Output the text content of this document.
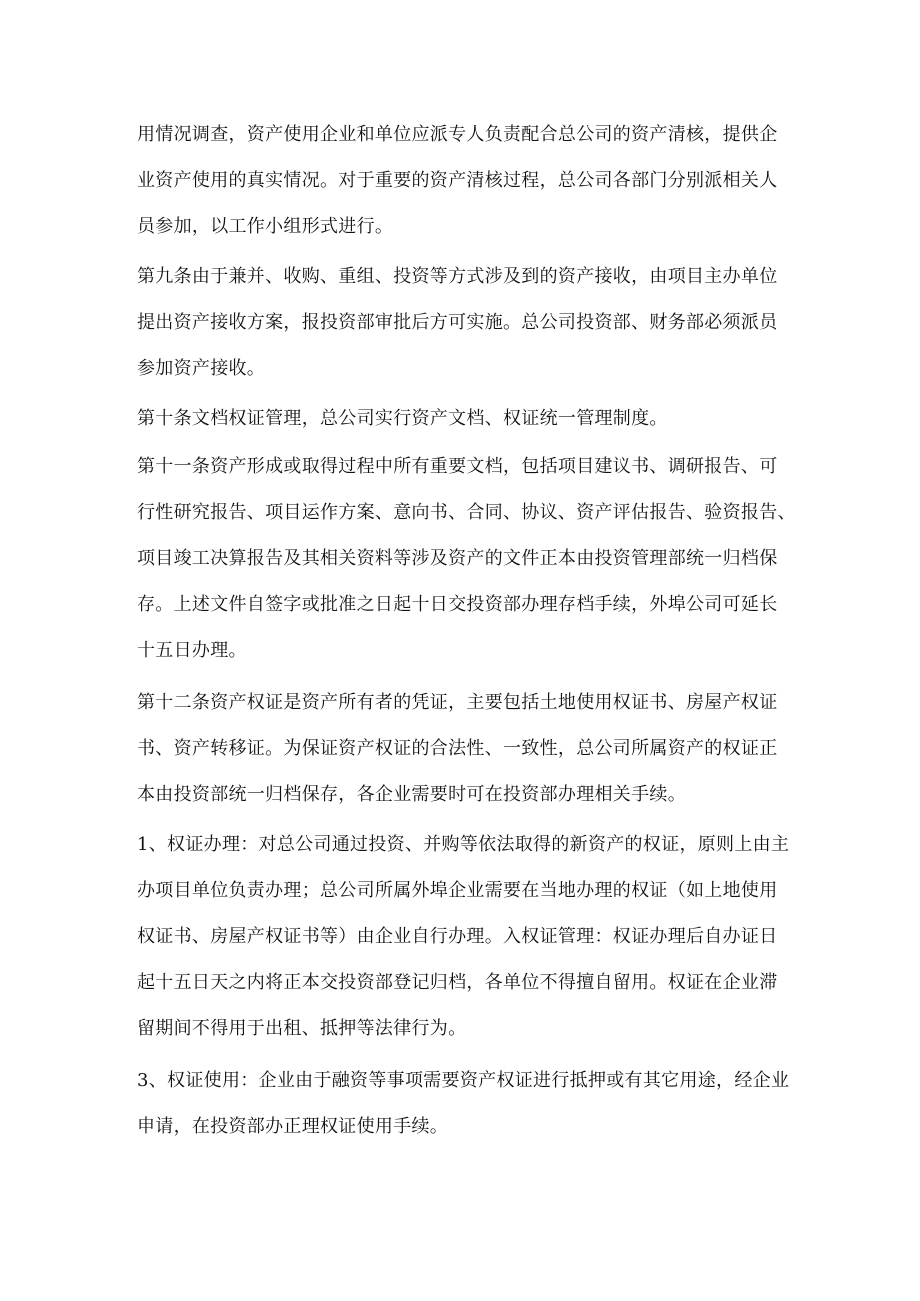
用情况调查，资产使用企业和单位应派专人负责配合总公司的资产清核，提供企
业资产使用的真实情况。对于重要的资产清核过程，总公司各部门分别派相关人
员参加，以工作小组形式进行。
第九条由于兼并、收购、重组、投资等方式涉及到的资产接收，由项目主办单位
提出资产接收方案，报投资部审批后方可实施。总公司投资部、财务部必须派员
参加资产接收。
第十条文档权证管理，总公司实行资产文档、权证统一管理制度。
第十一条资产形成或取得过程中所有重要文档，包括项目建议书、调研报告、可
行性研究报告、项目运作方案、意向书、合同、协议、资产评估报告、验资报告、
项目竣工决算报告及其相关资料等涉及资产的文件正本由投资管理部统一归档保
存。上述文件自签字或批准之日起十日交投资部办理存档手续，外埠公司可延长
十五日办理。
第十二条资产权证是资产所有者的凭证，主要包括土地使用权证书、房屋产权证
书、资产转移证。为保证资产权证的合法性、一致性，总公司所属资产的权证正
本由投资部统一归档保存，各企业需要时可在投资部办理相关手续。
1、权证办理：对总公司通过投资、并购等依法取得的新资产的权证，原则上由主
办项目单位负责办理；总公司所属外埠企业需要在当地办理的权证（如上地使用
权证书、房屋产权证书等）由企业自行办理。入权证管理：权证办理后自办证日
起十五日天之内将正本交投资部登记归档，各单位不得擅自留用。权证在企业滞
留期间不得用于出租、抵押等法律行为。
3、权证使用：企业由于融资等事项需要资产权证进行抵押或有其它用途，经企业
申请，在投资部办正理权证使用手续。
